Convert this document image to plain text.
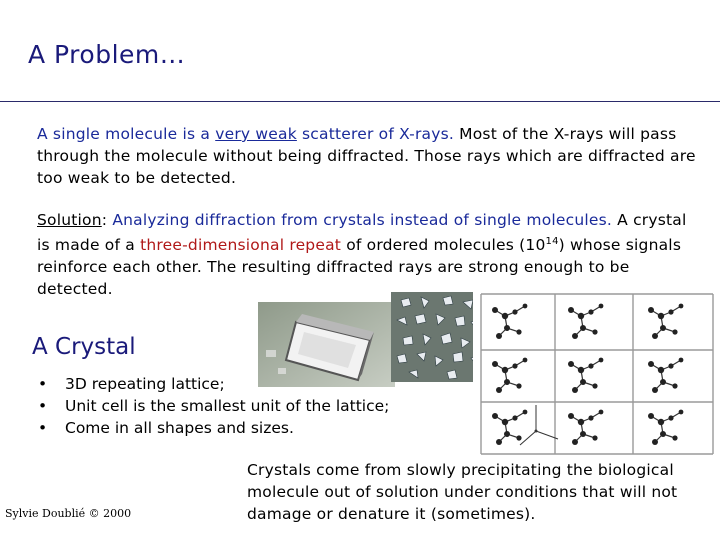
A Problem…
A single molecule is a very weak scatterer of X-rays. Most of the X-rays will pass through the molecule without being diffracted. Those rays which are diffracted are too weak to be detected.
Solution: Analyzing diffraction from crystals instead of single molecules. A crystal is made of a three-dimensional repeat of ordered molecules $(10^{14})$ whose signals reinforce each other. The resulting diffracted rays are strong enough to be detected.
A Crystal
• 3D repeating lattice;
• Unit cell is the smallest unit of the lattice;
• Come in all shapes and sizes.
Crystals come from slowly precipitating the biological molecule out of solution under conditions that will not damage or denature it (sometimes).
Sylvie Doublié © 2000
